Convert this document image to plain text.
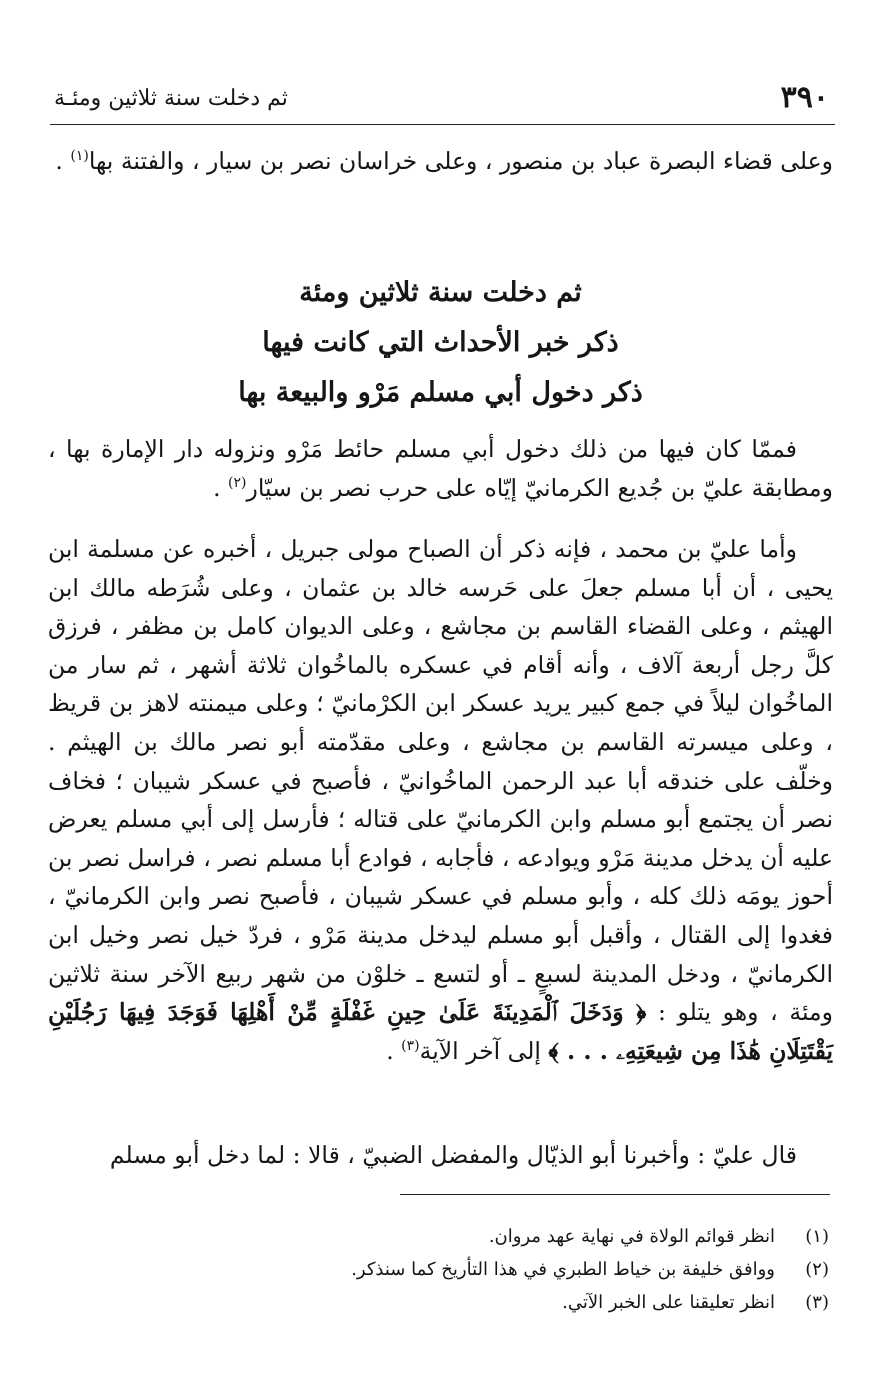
٣٩٠
ثم دخلت سنة ثلاثين ومئـة

وعلى قضاء البصرة عباد بن منصور ، وعلى خراسان نصر بن سيار ، والفتنة بها$^{(١)}$ .

ثم دخلت سنة ثلاثين ومئة
ذكر خبر الأحداث التي كانت فيها
ذكر دخول أبي مسلم مَرْو والبيعة بها

فممّا كان فيها من ذلك دخول أبي مسلم حائط مَرْو ونزوله دار الإمارة بها ، ومطابقة عليّ بن جُديع الكرمانيّ إيّاه على حرب نصر بن سيّار$^{(٢)}$ .

وأما عليّ بن محمد ، فإنه ذكر أن الصباح مولى جبريل ، أخبره عن مسلمة ابن يحيى ، أن أبا مسلم جعلَ على حَرسه خالد بن عثمان ، وعلى شُرَطه مالك ابن الهيثم ، وعلى القضاء القاسم بن مجاشع ، وعلى الديوان كامل بن مظفر ، فرزق كلَّ رجل أربعة آلاف ، وأنه أقام في عسكره بالماخُوان ثلاثة أشهر ، ثم سار من الماخُوان ليلاً في جمع كبير يريد عسكر ابن الكرْمانيّ ؛ وعلى ميمنته لاهز بن قريظ ، وعلى ميسرته القاسم بن مجاشع ، وعلى مقدّمته أبو نصر مالك بن الهيثم . وخلّف على خندقه أبا عبد الرحمن الماخُوانيّ ، فأصبح في عسكر شيبان ؛ فخاف نصر أن يجتمع أبو مسلم وابن الكرمانيّ على قتاله ؛ فأرسل إلى أبي مسلم يعرض عليه أن يدخل مدينة مَرْو ويوادعه ، فأجابه ، فوادع أبا مسلم نصر ، فراسل نصر بن أحوز يومَه ذلك كله ، وأبو مسلم في عسكر شيبان ، فأصبح نصر وابن الكرمانيّ ، فغدوا إلى القتال ، وأقبل أبو مسلم ليدخل مدينة مَرْو ، فردّ خيل نصر وخيل ابن الكرمانيّ ، ودخل المدينة لسبعٍ ـ أو لتسع ـ خلوْن من شهر ربيع الآخر سنة ثلاثين ومئة ، وهو يتلو : ﴿ وَدَخَلَ ٱلْمَدِينَةَ عَلَىٰ حِينِ غَفْلَةٍ مِّنْ أَهْلِهَا فَوَجَدَ فِيهَا رَجُلَيْنِ يَقْتَتِلَانِ هَٰذَا مِن شِيعَتِهِۦ . . . ﴾ إلى آخر الآية$^{(٣)}$ .

قال عليّ : وأخبرنا أبو الذيّال والمفضل الضبيّ ، قالا : لما دخل أبو مسلم

(١)
انظر قوائم الولاة في نهاية عهد مروان.
(٢)
ووافق خليفة بن خياط الطبري في هذا التأريخ كما سنذكر.
(٣)
انظر تعليقنا على الخبر الآتي.
